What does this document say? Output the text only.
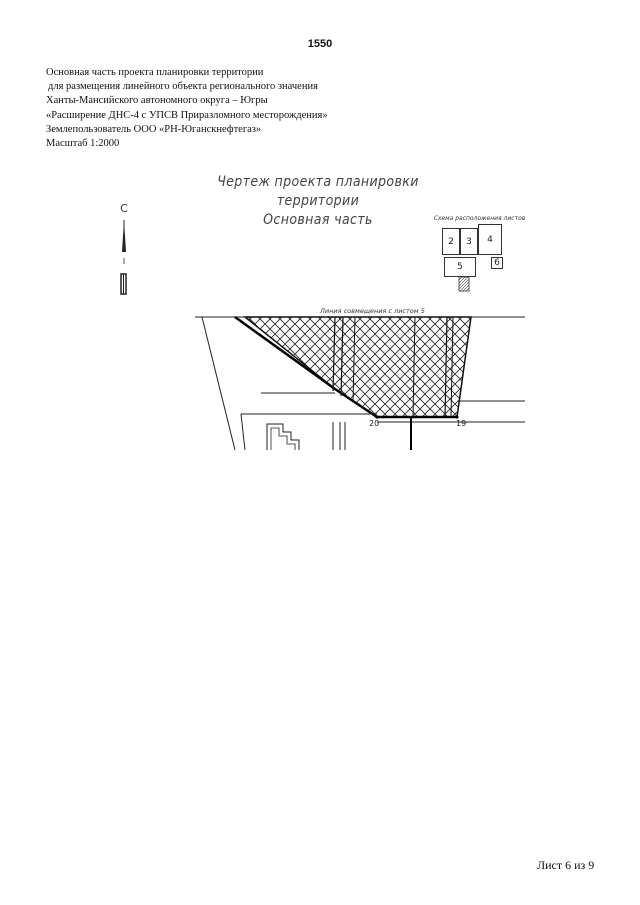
1550
Основная часть проекта планировки территории
для размещения линейного объекта регионального значения
Ханты-Мансийского автономного округа – Югры
«Расширение ДНС-4 с УПСВ Приразломного месторождения»
Землепользователь ООО «РН-Юганскнефтегаз»
Масштаб 1:2000
Чертеж проекта планировки территории
Основная часть
С
Схема расположения листов
2	3	4
5	6
Линия совмещения с листом 5
20	19
Лист 6 из 9
